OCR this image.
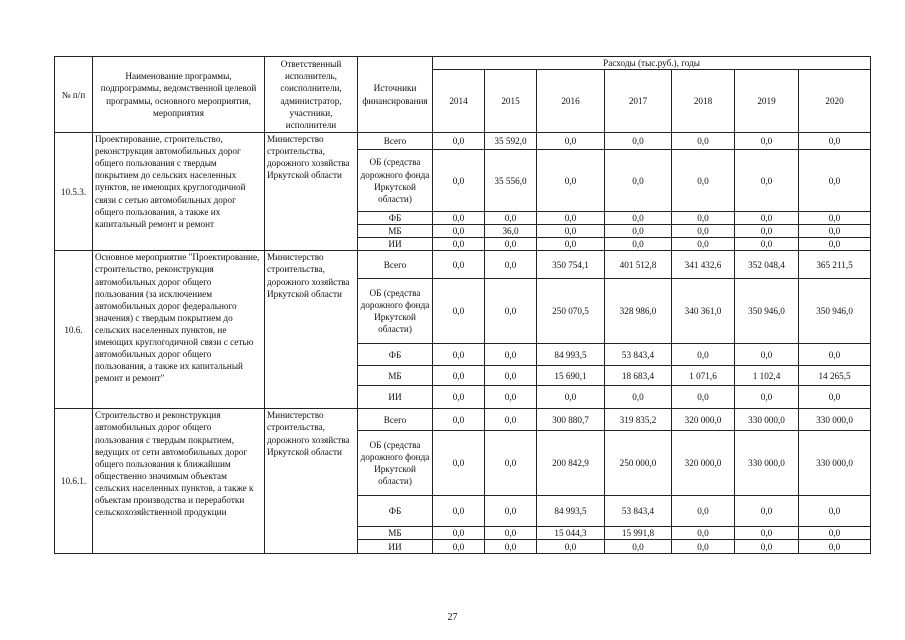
№ п/п	Наименование программы, подпрограммы, ведомственной целевой программы, основного мероприятия, мероприятия	Ответственный исполнитель, соисполнители, администратор, участники, исполнители	Источники финансирования	Расходы (тыс.руб.), годы						
				2014	2015	2016	2017	2018	2019	2020
10.5.3.	Проектирование, строительство, реконструкция автомобильных дорог общего пользования с твердым покрытием до сельских населенных пунктов, не имеющих круглогодичной связи с сетью автомобильных дорог общего пользования, а также их капитальный ремонт и ремонт	Министерство строительства, дорожного хозяйства Иркутской области	Всего	0,0	35 592,0	0,0	0,0	0,0	0,0	0,0
			ОБ (средства дорожного фонда Иркутской области)	0,0	35 556,0	0,0	0,0	0,0	0,0	0,0
			ФБ	0,0	0,0	0,0	0,0	0,0	0,0	0,0
			МБ	0,0	36,0	0,0	0,0	0,0	0,0	0,0
			ИИ	0,0	0,0	0,0	0,0	0,0	0,0	0,0
10.6.	Основное мероприятие "Проектирование, строительство, реконструкция автомобильных дорог общего пользования (за исключением автомобильных дорог федерального значения) с твердым покрытием до сельских населенных пунктов, не имеющих круглогодичной связи с сетью автомобильных дорог общего пользования, а также их капитальный ремонт и ремонт"	Министерство строительства, дорожного хозяйства Иркутской области	Всего	0,0	0,0	350 754,1	401 512,8	341 432,6	352 048,4	365 211,5
			ОБ (средства дорожного фонда Иркутской области)	0,0	0,0	250 070,5	328 986,0	340 361,0	350 946,0	350 946,0
			ФБ	0,0	0,0	84 993,5	53 843,4	0,0	0,0	0,0
			МБ	0,0	0,0	15 690,1	18 683,4	1 071,6	1 102,4	14 265,5
			ИИ	0,0	0,0	0,0	0,0	0,0	0,0	0,0
10.6.1.	Строительство и реконструкция автомобильных дорог общего пользования с твердым покрытием, ведущих от сети автомобильных дорог общего пользования к ближайшим общественно значимым объектам сельских населенных пунктов, а также к объектам производства и переработки сельскохозяйственной продукции	Министерство строительства, дорожного хозяйства Иркутской области	Всего	0,0	0,0	300 880,7	319 835,2	320 000,0	330 000,0	330 000,0
			ОБ (средства дорожного фонда Иркутской области)	0,0	0,0	200 842,9	250 000,0	320 000,0	330 000,0	330 000,0
			ФБ	0,0	0,0	84 993,5	53 843,4	0,0	0,0	0,0
			МБ	0,0	0,0	15 044,3	15 991,8	0,0	0,0	0,0
			ИИ	0,0	0,0	0,0	0,0	0,0	0,0	0,0
27
